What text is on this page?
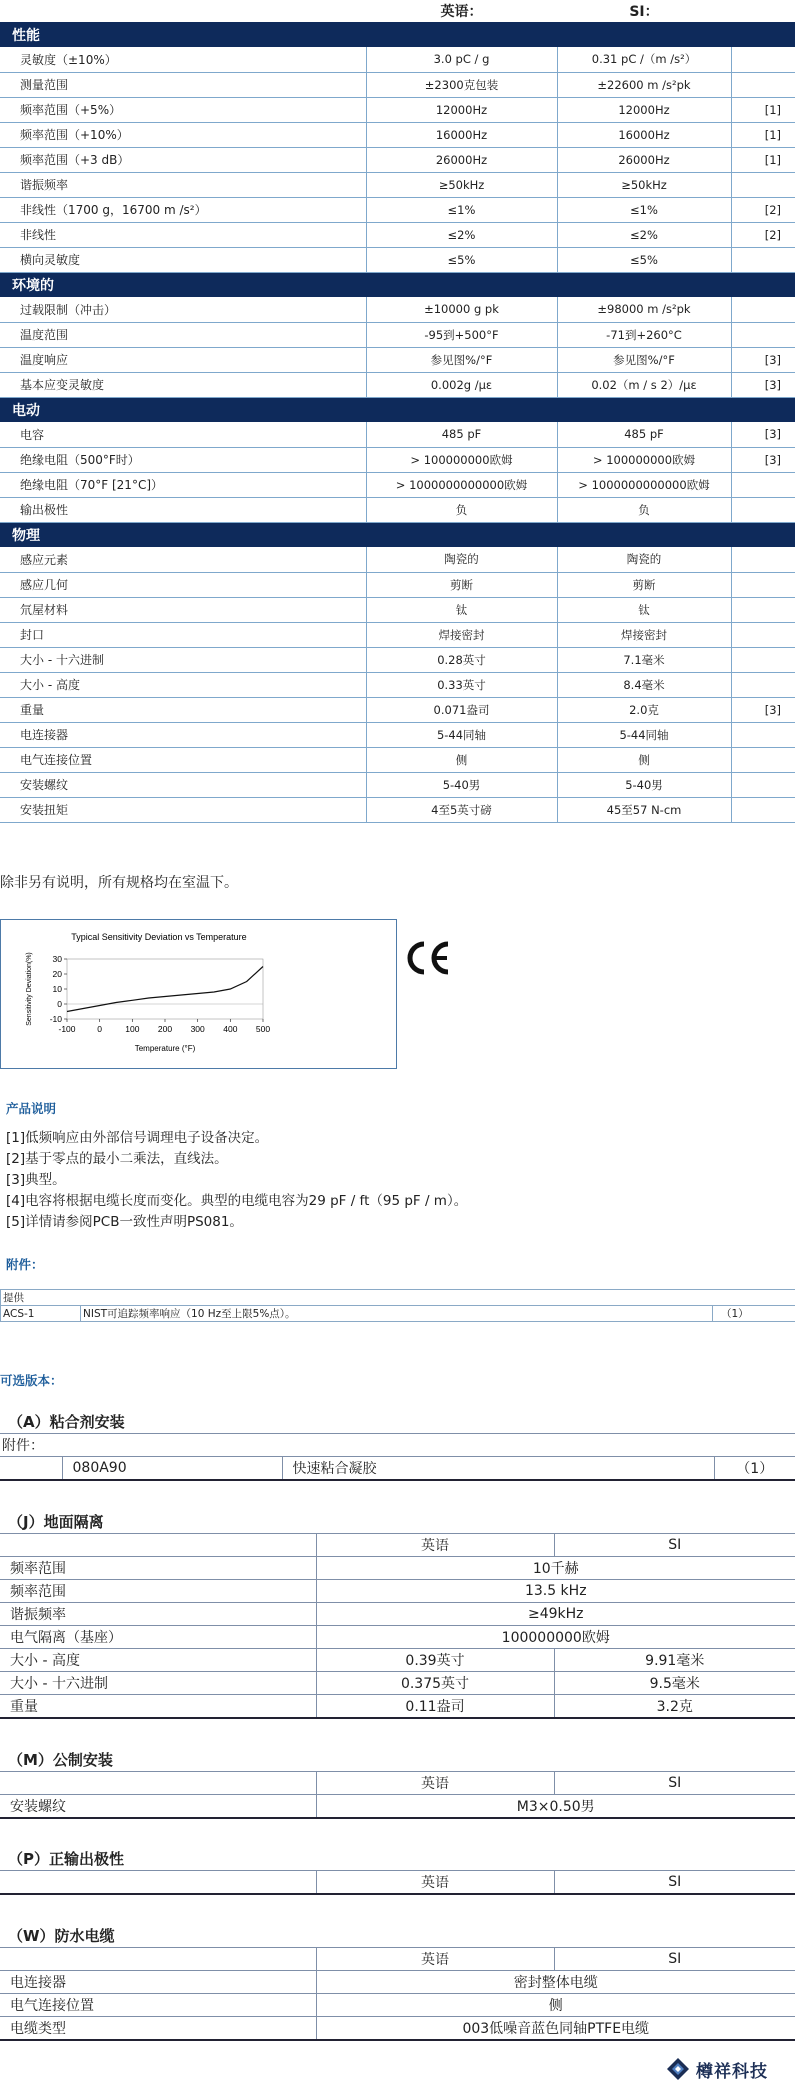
	英语：	SI：	
性能			
灵敏度（±10%）	3.0 pC / g	0.31 pC /（m /s²）	
测量范围	±2300克包装	±22600 m /s²pk	
频率范围（+5%）	12000Hz	12000Hz	[1]
频率范围（+10%）	16000Hz	16000Hz	[1]
频率范围（+3 dB）	26000Hz	26000Hz	[1]
谐振频率	≥50kHz	≥50kHz	
非线性（1700 g，16700 m /s²）	≤1%	≤1%	[2]
非线性	≤2%	≤2%	[2]
横向灵敏度	≤5%	≤5%	
环境的			
过载限制（冲击）	±10000 g pk	±98000 m /s²pk	
温度范围	-95到+500°F	-71到+260°C	
温度响应	参见图%/°F	参见图%/°F	[3]
基本应变灵敏度	0.002g /με	0.02（m / s 2）/με	[3]
电动			
电容	485 pF	485 pF	[3]
绝缘电阻（500°F时）	> 100000000欧姆	> 100000000欧姆	[3]
绝缘电阻（70°F [21°C]）	> 1000000000000欧姆	> 1000000000000欧姆	
输出极性	负	负	
物理			
感应元素	陶瓷的	陶瓷的	
感应几何	剪断	剪断	
氘屋材料	钛	钛	
封口	焊接密封	焊接密封	
大小 - 十六进制	0.28英寸	7.1毫米	
大小 - 高度	0.33英寸	8.4毫米	
重量	0.071盎司	2.0克	[3]
电连接器	5-44同轴	5-44同轴	
电气连接位置	侧	侧	
安装螺纹	5-40男	5-40男	
安装扭矩	4至5英寸磅	45至57 N-cm	
除非另有说明，所有规格均在室温下。
Typical Sensitivity Deviation vs Temperature
30
20
10
0
-10
-100	0	100 200 300 400 500
Temperature (°F)
Sensitivity Deviation(%)
产品说明
[1]低频响应由外部信号调理电子设备决定。
[2]基于零点的最小二乘法，直线法。
[3]典型。
[4]电容将根据电缆长度而变化。典型的电缆电容为29 pF / ft（95 pF / m）。
[5]详情请参阅PCB一致性声明PS081。
附件：
提供
ACS-1	NIST可追踪频率响应（10 Hz至上限5%点）。	（1）
可选版本：
（A）粘合剂安装
附件：
	080A90	快速粘合凝胶	（1）
（J）地面隔离
	英语	SI
频率范围	10千赫	
频率范围	13.5 kHz	
谐振频率	≥49kHz	
电气隔离（基座）	100000000欧姆	
大小 - 高度	0.39英寸	9.91毫米
大小 - 十六进制	0.375英寸	9.5毫米
重量	0.11盎司	3.2克
（M）公制安装
	英语	SI
安装螺纹	M3×0.50男	
（P）正输出极性
	英语	SI
（W）防水电缆
	英语	SI
电连接器	密封整体电缆	
电气连接位置	侧	
电缆类型	003低噪音蓝色同轴PTFE电缆	
樽祥科技
